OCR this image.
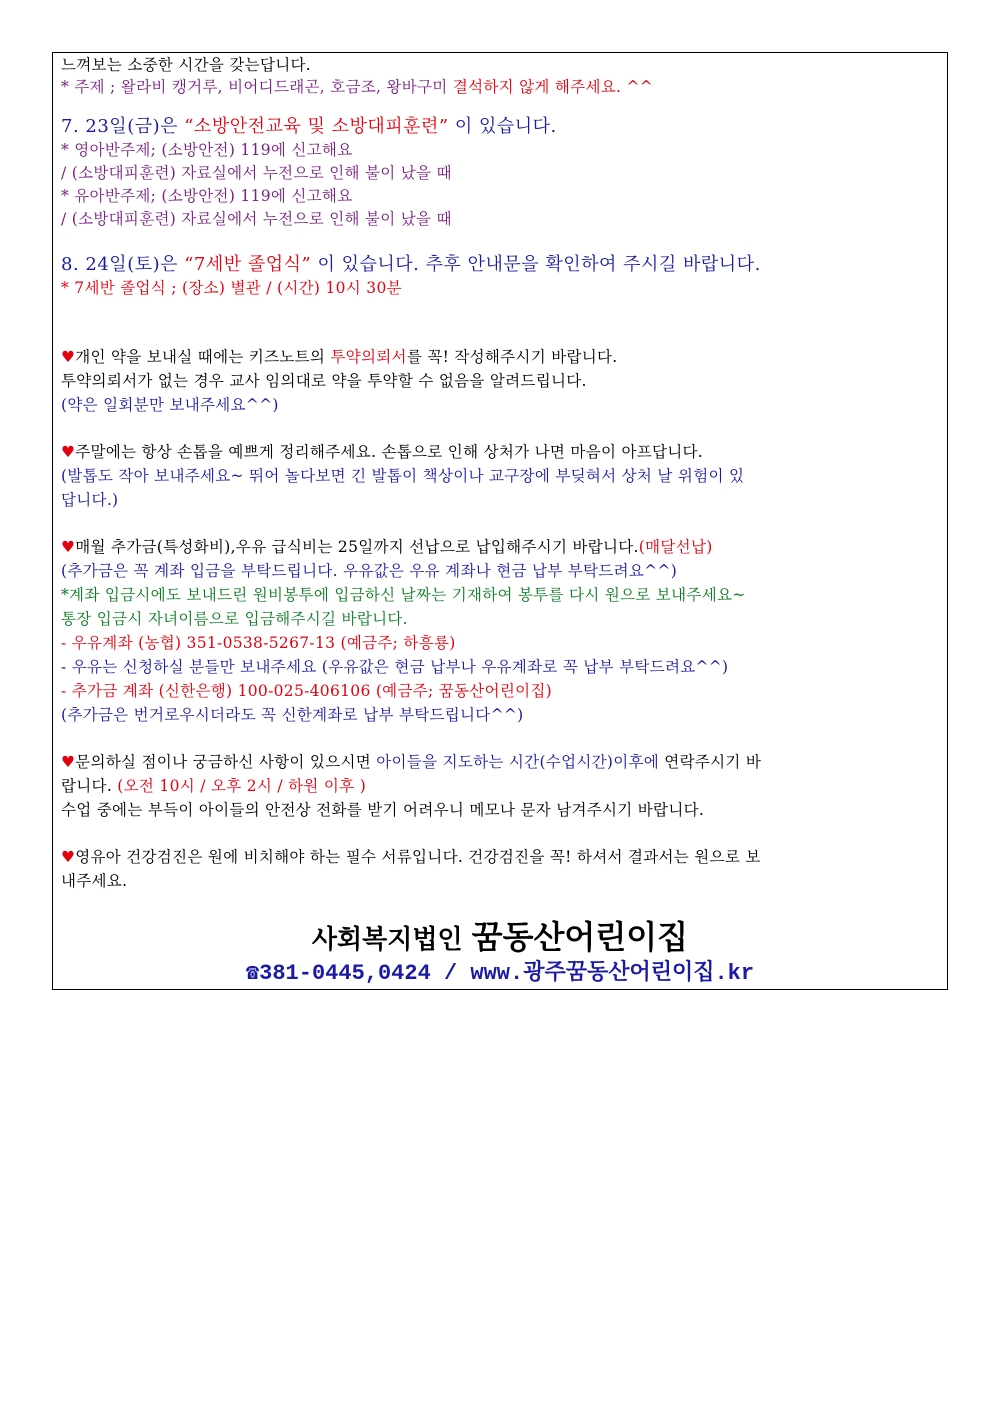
느껴보는 소중한 시간을 갖는답니다.
* 주제 ; 왈라비 캥거루, 비어디드래곤, 호금조, 왕바구미 결석하지 않게 해주세요. ^^
7. 23일(금)은 “소방안전교육 및 소방대피훈련” 이 있습니다.
* 영아반주제; (소방안전) 119에 신고해요
/ (소방대피훈련) 자료실에서 누전으로 인해 불이 났을 때
* 유아반주제; (소방안전) 119에 신고해요
/ (소방대피훈련) 자료실에서 누전으로 인해 불이 났을 때
8. 24일(토)은 “7세반 졸업식” 이 있습니다. 추후 안내문을 확인하여 주시길 바랍니다.
* 7세반 졸업식 ; (장소) 별관 / (시간) 10시 30분
♥개인 약을 보내실 때에는 키즈노트의 투약의뢰서를 꼭! 작성해주시기 바랍니다.
투약의뢰서가 없는 경우 교사 임의대로 약을 투약할 수 없음을 알려드립니다.
(약은 일회분만 보내주세요^^)
♥주말에는 항상 손톱을 예쁘게 정리해주세요. 손톱으로 인해 상처가 나면 마음이 아프답니다.
(발톱도 작아 보내주세요~ 뛰어 놀다보면 긴 발톱이 책상이나 교구장에 부딪혀서 상처 날 위험이 있
답니다.)
♥매월 추가금(특성화비),우유 급식비는 25일까지 선납으로 납입해주시기 바랍니다.(매달선납)
(추가금은 꼭 계좌 입금을 부탁드립니다. 우유값은 우유 계좌나 현금 납부 부탁드려요^^)
*계좌 입금시에도 보내드린 원비봉투에 입금하신 날짜는 기재하여 봉투를 다시 원으로 보내주세요~
통장 입금시 자녀이름으로 입금해주시길 바랍니다.
- 우유계좌 (농협) 351-0538-5267-13 (예금주; 하흥룡)
- 우유는 신청하실 분들만 보내주세요 (우유값은 현금 납부나 우유계좌로 꼭 납부 부탁드려요^^)
- 추가금 계좌 (신한은행) 100-025-406106 (예금주; 꿈동산어린이집)
(추가금은 번거로우시더라도 꼭 신한계좌로 납부 부탁드립니다^^)
♥문의하실 점이나 궁금하신 사항이 있으시면 아이들을 지도하는 시간(수업시간)이후에 연락주시기 바
랍니다. (오전 10시 / 오후 2시 / 하원 이후 )
수업 중에는 부득이 아이들의 안전상 전화를 받기 어려우니 메모나 문자 남겨주시기 바랍니다.
♥영유아 건강검진은 원에 비치해야 하는 필수 서류입니다. 건강검진을 꼭! 하셔서 결과서는 원으로 보
내주세요.
사회복지법인 꿈동산어린이집
☎381-0445,0424 / www.광주꿈동산어린이집.kr
